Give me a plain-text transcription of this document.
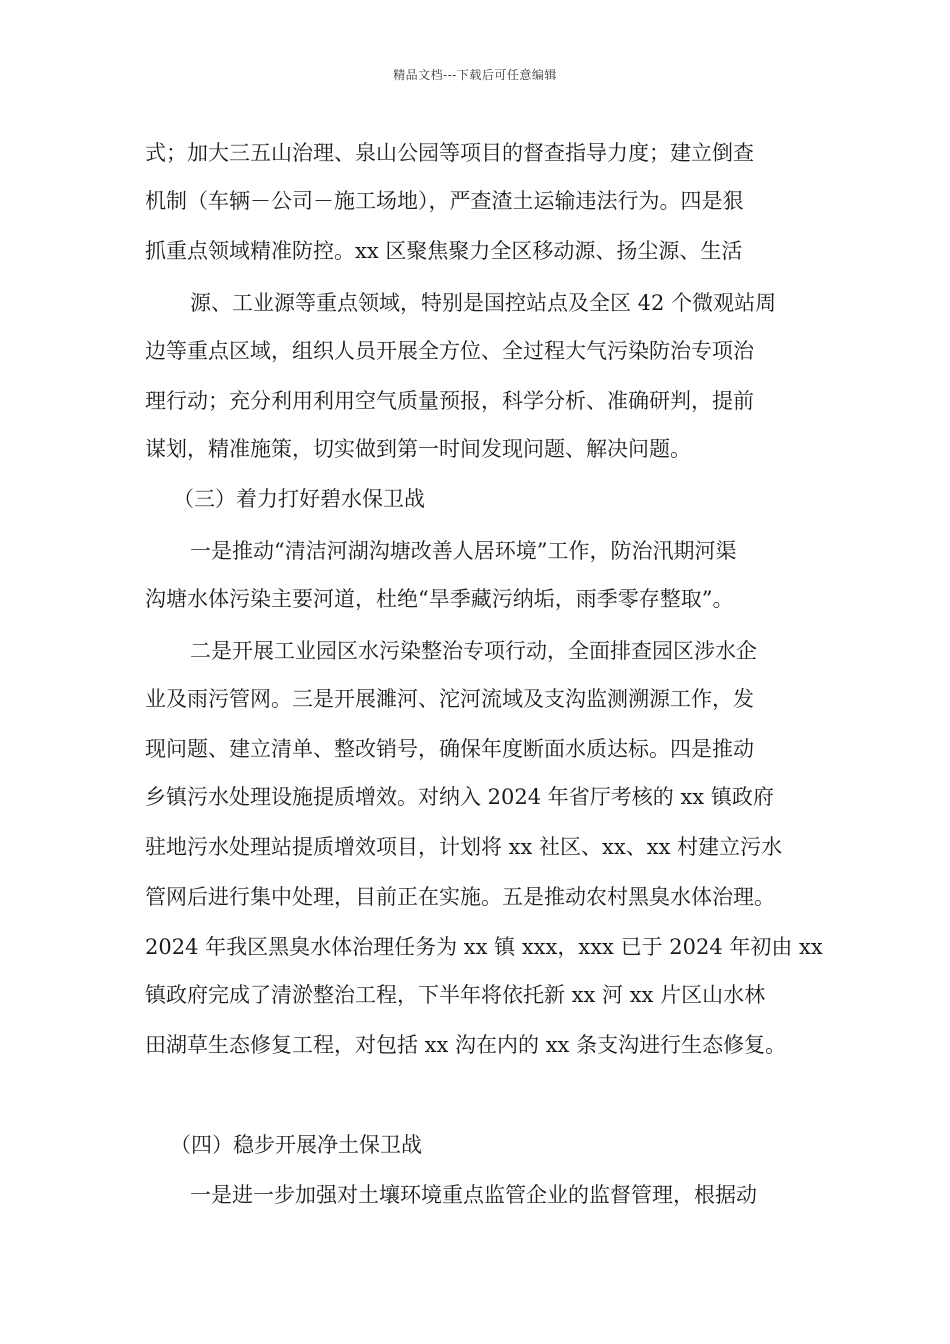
精品文档---下载后可任意编辑
式；加大三五山治理、泉山公园等项目的督查指导力度；建立倒查
机制（车辆－公司－施工场地），严查渣土运输违法行为。四是狠
抓重点领域精准防控。xx 区聚焦聚力全区移动源、扬尘源、生活
源、工业源等重点领域，特别是国控站点及全区 42 个微观站周
边等重点区域，组织人员开展全方位、全过程大气污染防治专项治
理行动；充分利用利用空气质量预报，科学分析、准确研判，提前
谋划，精准施策，切实做到第一时间发现问题、解决问题。
（三）着力打好碧水保卫战
一是推动“清洁河湖沟塘改善人居环境”工作，防治汛期河渠
沟塘水体污染主要河道，杜绝“旱季藏污纳垢，雨季零存整取”。
二是开展工业园区水污染整治专项行动，全面排查园区涉水企
业及雨污管网。三是开展濉河、沱河流域及支沟监测溯源工作，发
现问题、建立清单、整改销号，确保年度断面水质达标。四是推动
乡镇污水处理设施提质增效。对纳入 2024 年省厅考核的 xx 镇政府
驻地污水处理站提质增效项目，计划将 xx 社区、xx、xx 村建立污水
管网后进行集中处理，目前正在实施。五是推动农村黑臭水体治理。
2024 年我区黑臭水体治理任务为 xx 镇 xxx，xxx 已于 2024 年初由 xx
镇政府完成了清淤整治工程，下半年将依托新 xx 河 xx 片区山水林
田湖草生态修复工程，对包括 xx 沟在内的 xx 条支沟进行生态修复。
（四）稳步开展净土保卫战
一是进一步加强对土壤环境重点监管企业的监督管理，根据动
